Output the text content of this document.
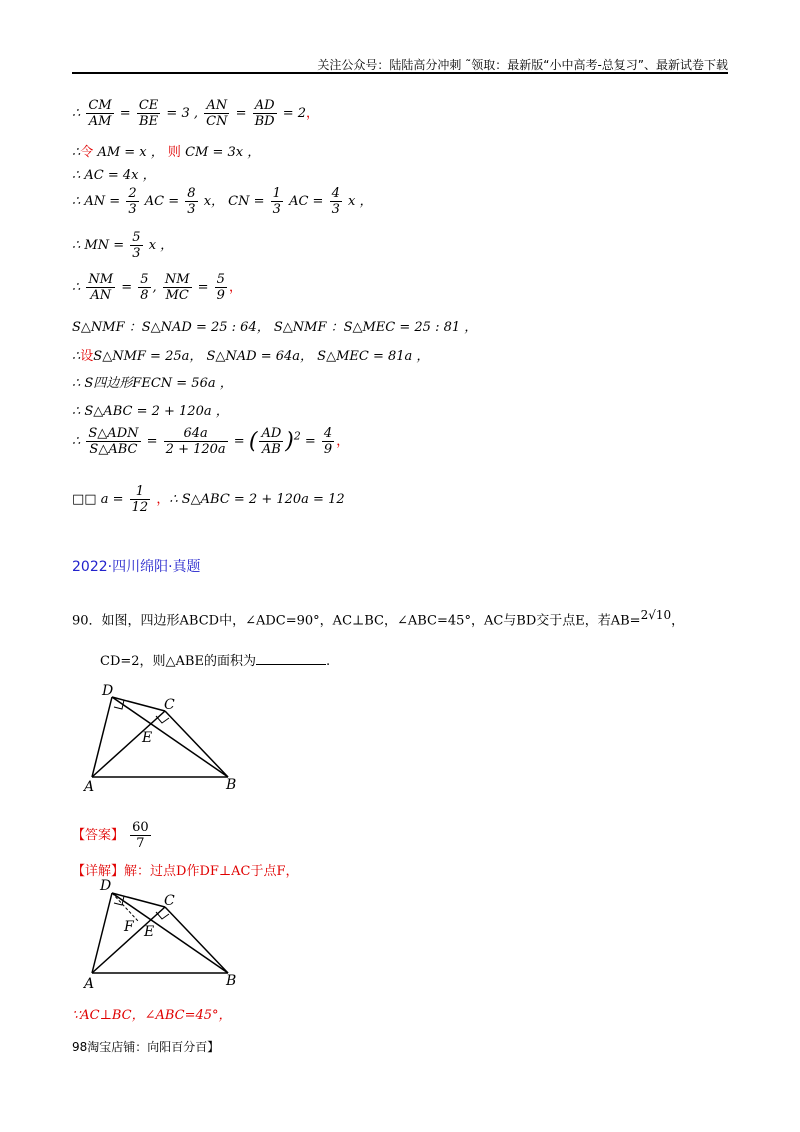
关注公众号：陆陆高分冲刺 ˜领取：最新版“小中高考-总复习”、最新试卷下载
∴ $\frac{CM}{AM} = \frac{CE}{BE} = 3$ , $\frac{AN}{CN} = \frac{AD}{BD} = 2$，
∴令 AM = x ， 则 CM = 3x ，
∴ AC = 4x ，
∴ AN = $\frac{2}{3}$ AC = $\frac{8}{3}$ x， CN = $\frac{1}{3}$ AC = $\frac{4}{3}$ x ，
∴ MN = $\frac{5}{3}$ x ，
∴ $\frac{NM}{AN} = \frac{5}{8}$ , $\frac{NM}{MC} = \frac{5}{9}$ ，
S△NMF ：S△NAD = 25 : 64， S△NMF ：S△MEC = 25 : 81 ，
∴设S△NMF = 25a， S△NAD = 64a， S△MEC = 81a ，
∴ S四边形FECN = 56a ，
∴ S△ABC = 2 + 120a ，
∴ $\frac{\text{S△ADN}}{\text{S△ABC}} = \frac{64a}{2 + 120a}$ = ( $\frac{AD}{AB} )^2 = \frac{4}{9}$ ，
□□ $a = \frac{1}{12}$ ，∴ S△ABC = 2 + 120a = 12
2022·四川绵阳·真题
90．如图，四边形ABCD中，∠ADC=90°，AC⊥BC，∠ABC=45°，AC与BD交于点E，若AB=$^{2√10}$，
CD=2，则△ABE的面积为	.
D
C
E
A	B
【答案】 $\frac{60}{7}$
【详解】解：过点D作DF⊥AC于点F，
D
C
F E
A	B
∵AC⊥BC，∠ABC=45°，
98淘宝店铺：向阳百分百】
